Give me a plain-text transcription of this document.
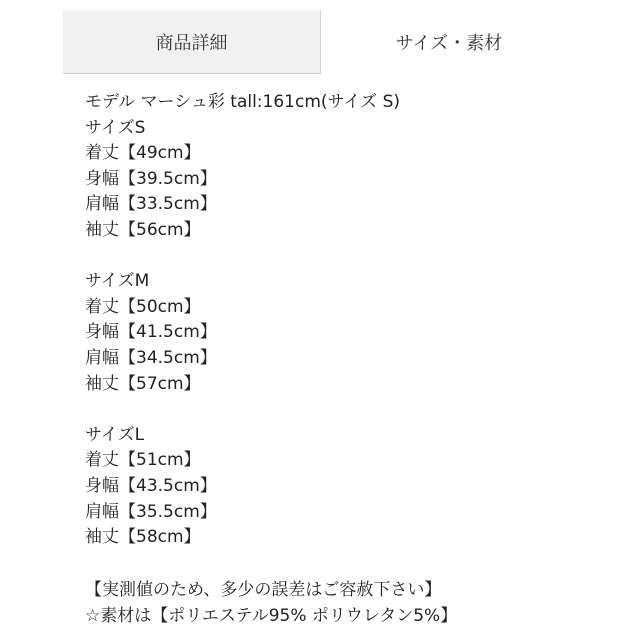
商品詳細	サイズ・素材
モデル マーシュ彩 tall:161cm(サイズ S)
サイズS
着丈【49cm】
身幅【39.5cm】
肩幅【33.5cm】
袖丈【56cm】
サイズM
着丈【50cm】
身幅【41.5cm】
肩幅【34.5cm】
袖丈【57cm】
サイズL
着丈【51cm】
身幅【43.5cm】
肩幅【35.5cm】
袖丈【58cm】
【実測値のため、多少の誤差はご容赦下さい】
☆素材は【ポリエステル95% ポリウレタン5%】
